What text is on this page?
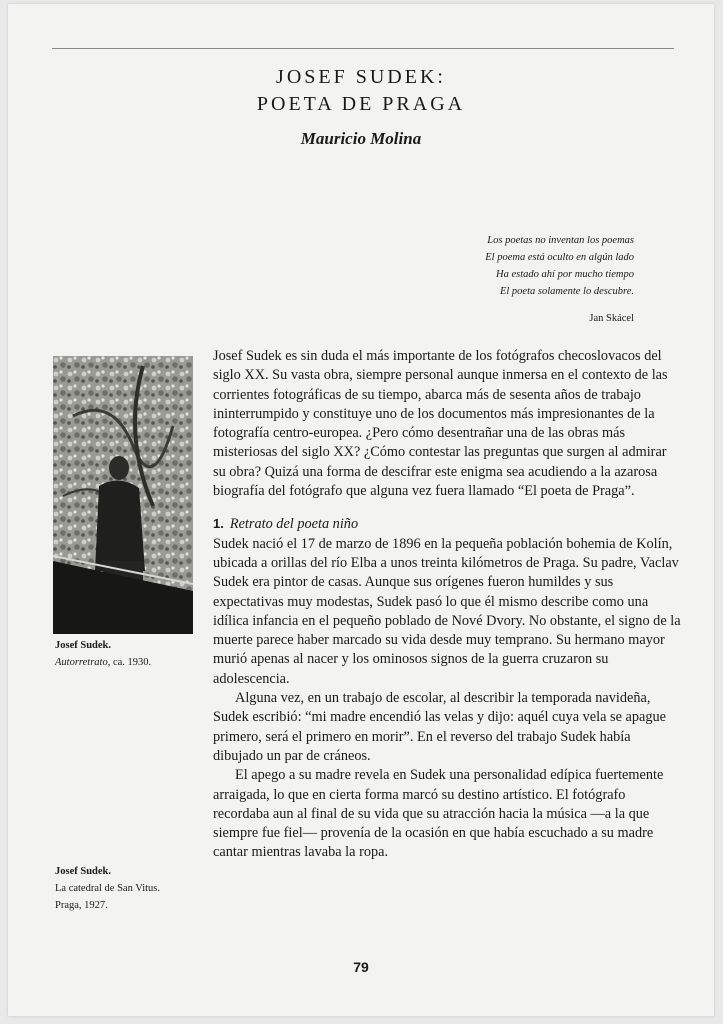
JOSEF SUDEK:
POETA DE PRAGA
Mauricio Molina
Los poetas no inventan los poemas
El poema está oculto en algún lado
Ha estado ahí por mucho tiempo
El poeta solamente lo descubre.
Jan Skácel
Josef Sudek.
Autorretrato, ca. 1930.
Josef Sudek.
La catedral de San Vitus.
Praga, 1927.

Josef Sudek es sin duda el más importante de los fotógrafos checoslovacos del siglo XX. Su vasta obra, siempre personal aunque inmersa en el contexto de las corrientes fotográficas de su tiempo, abarca más de sesenta años de trabajo ininterrumpido y constituye uno de los documentos más impresionantes de la fotografía centro-europea. ¿Pero cómo desentrañar una de las obras más misteriosas del siglo XX? ¿Cómo contestar las preguntas que surgen al admirar su obra? Quizá una forma de descifrar este enigma sea acudiendo a la azarosa biografía del fotógrafo que alguna vez fuera llamado “El poeta de Praga”.

1. Retrato del poeta niño

Sudek nació el 17 de marzo de 1896 en la pequeña población bohemia de Kolín, ubicada a orillas del río Elba a unos treinta kilómetros de Praga. Su padre, Vaclav Sudek era pintor de casas. Aunque sus orígenes fueron humildes y sus expectativas muy modestas, Sudek pasó lo que él mismo describe como una idílica infancia en el pequeño poblado de Nové Dvory. No obstante, el signo de la muerte parece haber marcado su vida desde muy temprano. Su hermano mayor murió apenas al nacer y los ominosos signos de la guerra cruzaron su adolescencia.

Alguna vez, en un trabajo de escolar, al describir la temporada navideña, Sudek escribió: “mi madre encendió las velas y dijo: aquél cuya vela se apague primero, será el primero en morir”. En el reverso del trabajo Sudek había dibujado un par de cráneos.

El apego a su madre revela en Sudek una personalidad edípica fuertemente arraigada, lo que en cierta forma marcó su destino artístico. El fotógrafo recordaba aun al final de su vida que su atracción hacia la música —a la que siempre fue fiel— provenía de la ocasión en que había escuchado a su madre cantar mientras lavaba la ropa.

79
